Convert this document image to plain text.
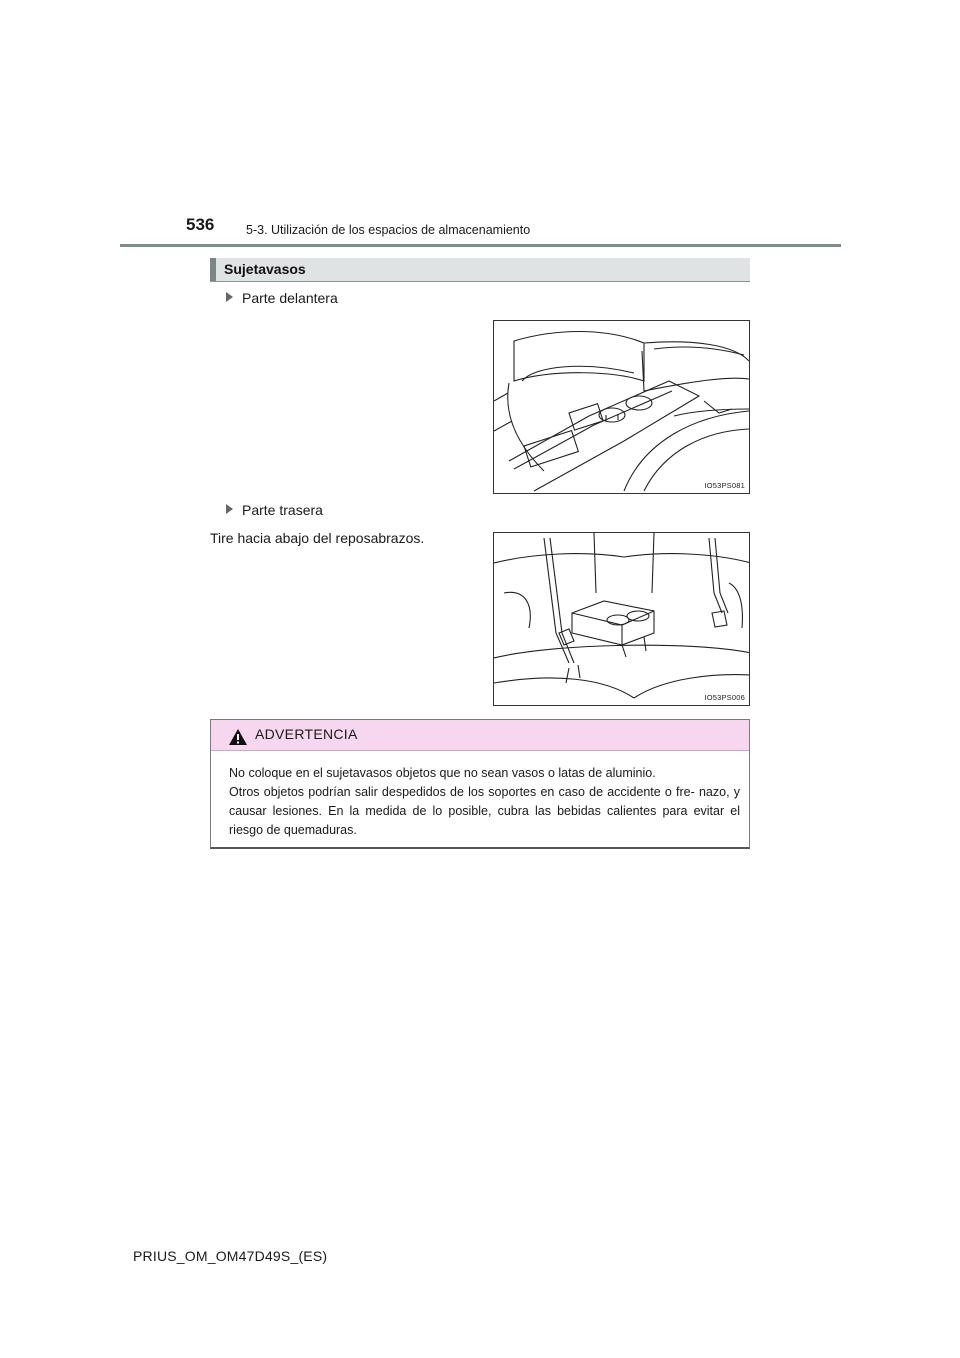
536	5-3. Utilización de los espacios de almacenamiento
Sujetavasos
Parte delantera
IO53PS081
Parte trasera
Tire hacia abajo del reposabrazos.
IO53PS006
ADVERTENCIA

No coloque en el sujetavasos objetos que no sean vasos o latas de aluminio.

Otros objetos podrían salir despedidos de los soportes en caso de accidente o fre- nazo, y causar lesiones. En la medida de lo posible, cubra las bebidas calientes para evitar el riesgo de quemaduras.

PRIUS_OM_OM47D49S_(ES)
